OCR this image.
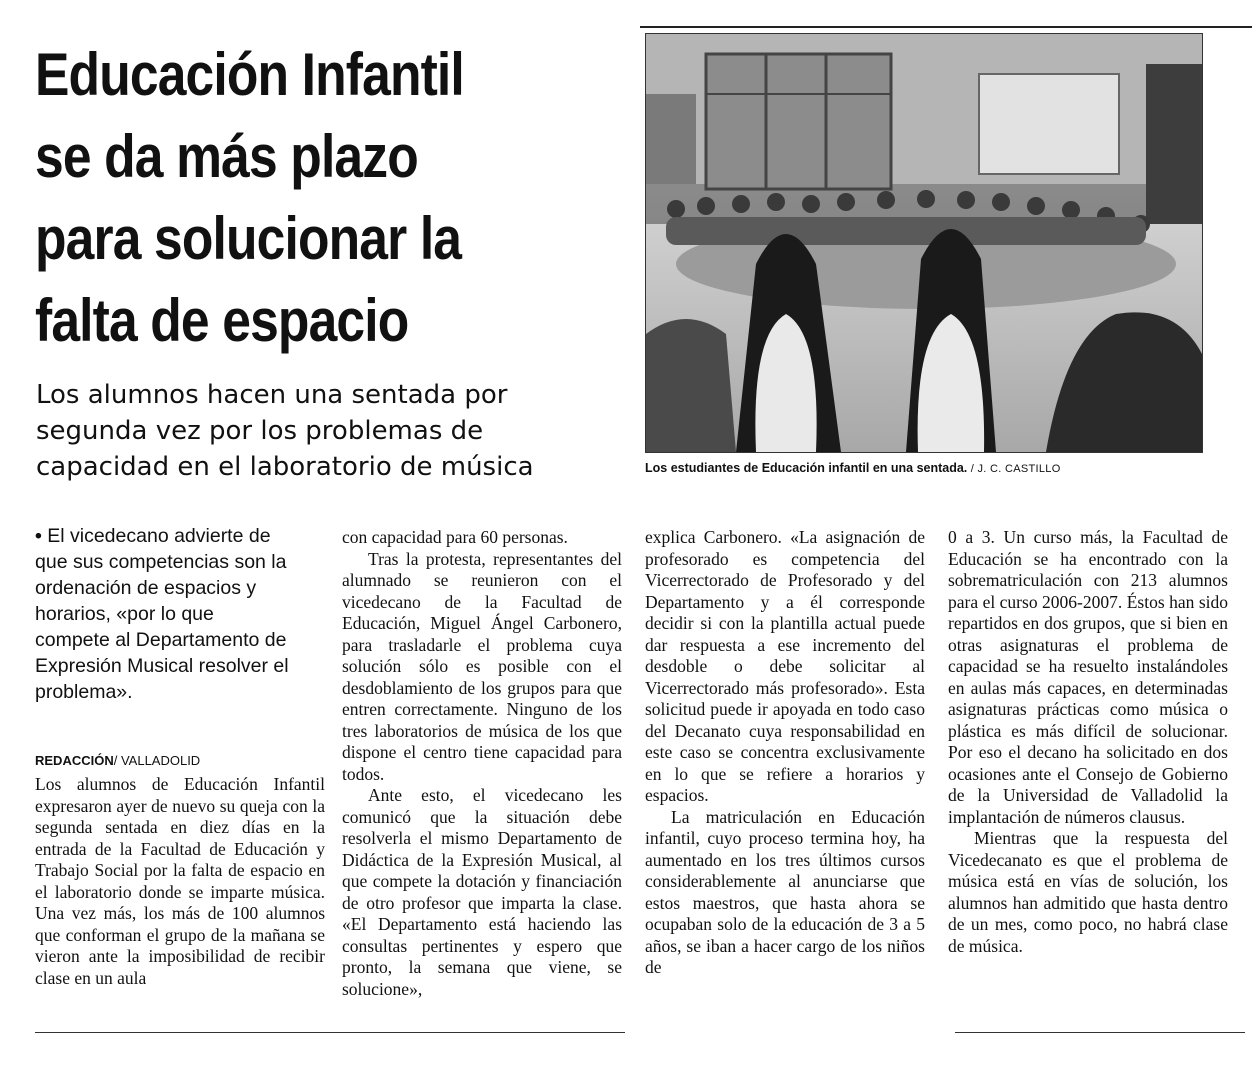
Educación Infantil
se da más plazo
para solucionar la
falta de espacio
Los alumnos hacen una sentada por
segunda vez por los problemas de
capacidad en el laboratorio de música	Los estudiantes de Educación infantil en una sentada. / J. C. CASTILLO
• El vicedecano advierte de que sus competencias son la ordenación de espacios y horarios, «por lo que compete al Departamento de Expresión Musical resolver el problema».
REDACCIÓN/ VALLADOLID

Los alumnos de Educación Infantil expresaron ayer de nuevo su queja con la segunda sentada en diez días en la entrada de la Facultad de Educación y Trabajo Social por la falta de espacio en el laboratorio donde se imparte música. Una vez más, los más de 100 alumnos que conforman el grupo de la mañana se vieron ante la imposibilidad de recibir clase en un aula

con capacidad para 60 personas.

Tras la protesta, representantes del alumnado se reunieron con el vicedecano de la Facultad de Educación, Miguel Ángel Carbonero, para trasladarle el problema cuya solución sólo es posible con el desdoblamiento de los grupos para que entren correctamente. Ninguno de los tres laboratorios de música de los que dispone el centro tiene capacidad para todos.

Ante esto, el vicedecano les comunicó que la situación debe resolverla el mismo Departamento de Didáctica de la Expresión Musical, al que compete la dotación y financiación de otro profesor que imparta la clase. «El Departamento está haciendo las consultas pertinentes y espero que pronto, la semana que viene, se solucione»,

explica Carbonero. «La asignación de profesorado es competencia del Vicerrectorado de Profesorado y del Departamento y a él corresponde decidir si con la plantilla actual puede dar respuesta a ese incremento del desdoble o debe solicitar al Vicerrectorado más profesorado». Esta solicitud puede ir apoyada en todo caso del Decanato cuya responsabilidad en este caso se concentra exclusivamente en lo que se refiere a horarios y espacios.

La matriculación en Educación infantil, cuyo proceso termina hoy, ha aumentado en los tres últimos cursos considerablemente al anunciarse que estos maestros, que hasta ahora se ocupaban solo de la educación de 3 a 5 años, se iban a hacer cargo de los niños de

0 a 3. Un curso más, la Facultad de Educación se ha encontrado con la sobrematriculación con 213 alumnos para el curso 2006-2007. Éstos han sido repartidos en dos grupos, que si bien en otras asignaturas el problema de capacidad se ha resuelto instalándoles en aulas más capaces, en determinadas asignaturas prácticas como música o plástica es más difícil de solucionar. Por eso el decano ha solicitado en dos ocasiones ante el Consejo de Gobierno de la Universidad de Valladolid la implantación de números clausus.

Mientras que la respuesta del Vicedecanato es que el problema de música está en vías de solución, los alumnos han admitido que hasta dentro de un mes, como poco, no habrá clase de música.
